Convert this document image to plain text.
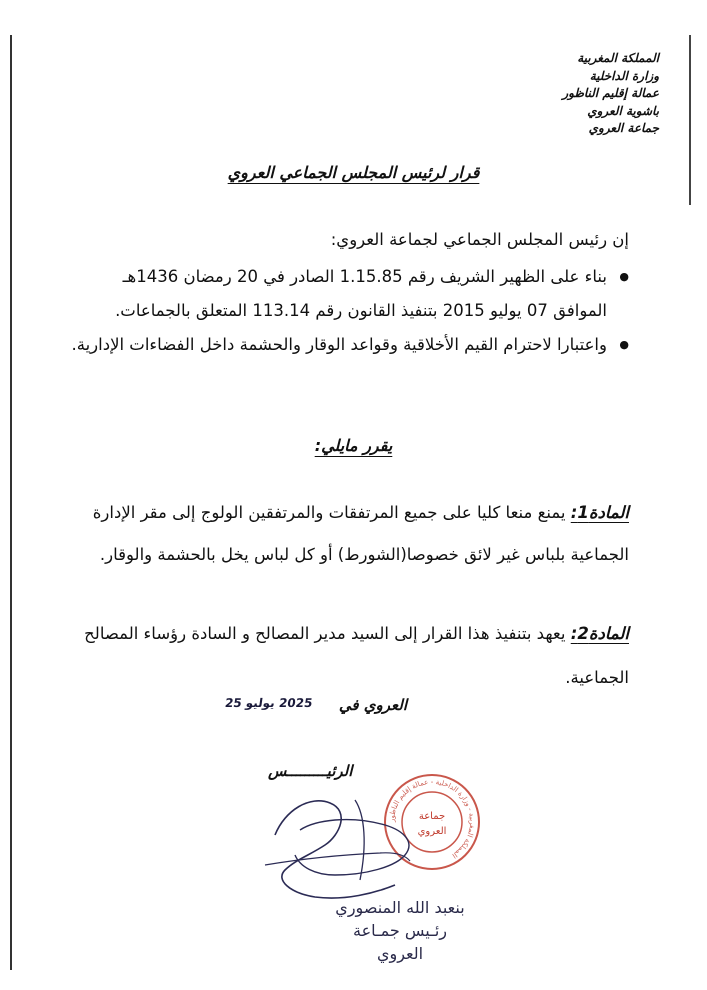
المملكة المغربية
وزارة الداخلية
عمالة إقليم الناظور
باشوية العروي
جماعة العروي
قرار لرئيس المجلس الجماعي العروي
إن رئيس المجلس الجماعي لجماعة العروي:
● بناء على الظهير الشريف رقم 1.15.85 الصادر في 20 رمضان 1436هـ الموافق 07 يوليو 2015 بتنفيذ القانون رقم 113.14 المتعلق بالجماعات.
● واعتبارا لاحترام القيم الأخلاقية وقواعد الوقار والحشمة داخل الفضاءات الإدارية.
يقرر مايلي:
المادة1: يمنع منعا كليا على جميع المرتفقات والمرتفقين الولوج إلى مقر الإدارة الجماعية بلباس غير لائق خصوصا(الشورط) أو كل لباس يخل بالحشمة والوقار.
المادة2: يعهد بتنفيذ هذا القرار إلى السيد مدير المصالح و السادة رؤساء المصالح الجماعية.
العروي في
2025 يوليو 25
الرئيـــــــــس
المملكة المغربية - وزارة الداخلية - عمالة إقليم الناظور
جماعة
العروي
بنعبد الله المنصوري
رئـيس جمـاعة
العروي
